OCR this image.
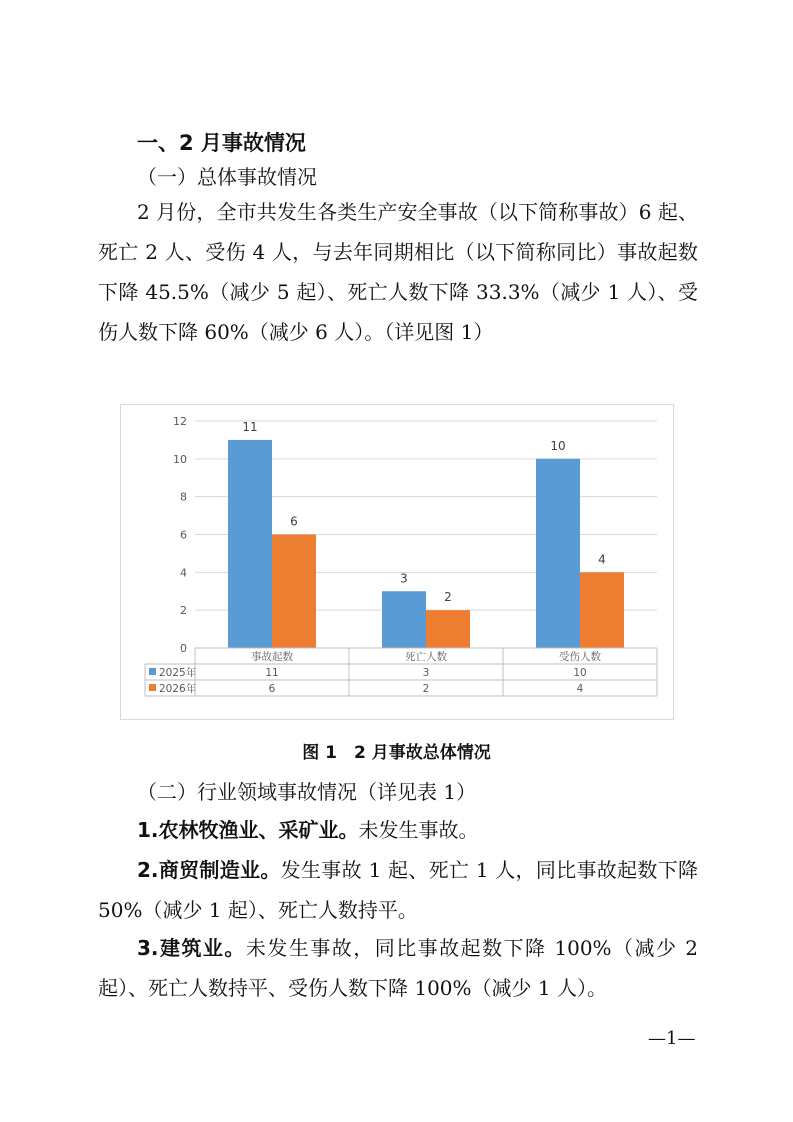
一、2 月事故情况
（一）总体事故情况
2 月份，全市共发生各类生产安全事故（以下简称事故）6 起、死亡 2 人、受伤 4 人，与去年同期相比（以下简称同比）事故起数下降 45.5%（减少 5 起）、死亡人数下降 33.3%（减少 1 人）、受伤人数下降 60%（减少 6 人）。（详见图 1）
0
2
4
6
8
10
12	11
3
10
6
2
4
事故起数	死亡人数	受伤人数
2025年	11	3	10
2026年	6	2	4
图 1　2 月事故总体情况
（二）行业领域事故情况（详见表 1）
1.农林牧渔业、采矿业。未发生事故。
2.商贸制造业。发生事故 1 起、死亡 1 人，同比事故起数下降 50%（减少 1 起）、死亡人数持平。
3.建筑业。未发生事故，同比事故起数下降 100%（减少 2 起）、死亡人数持平、受伤人数下降 100%（减少 1 人）。
—1—
